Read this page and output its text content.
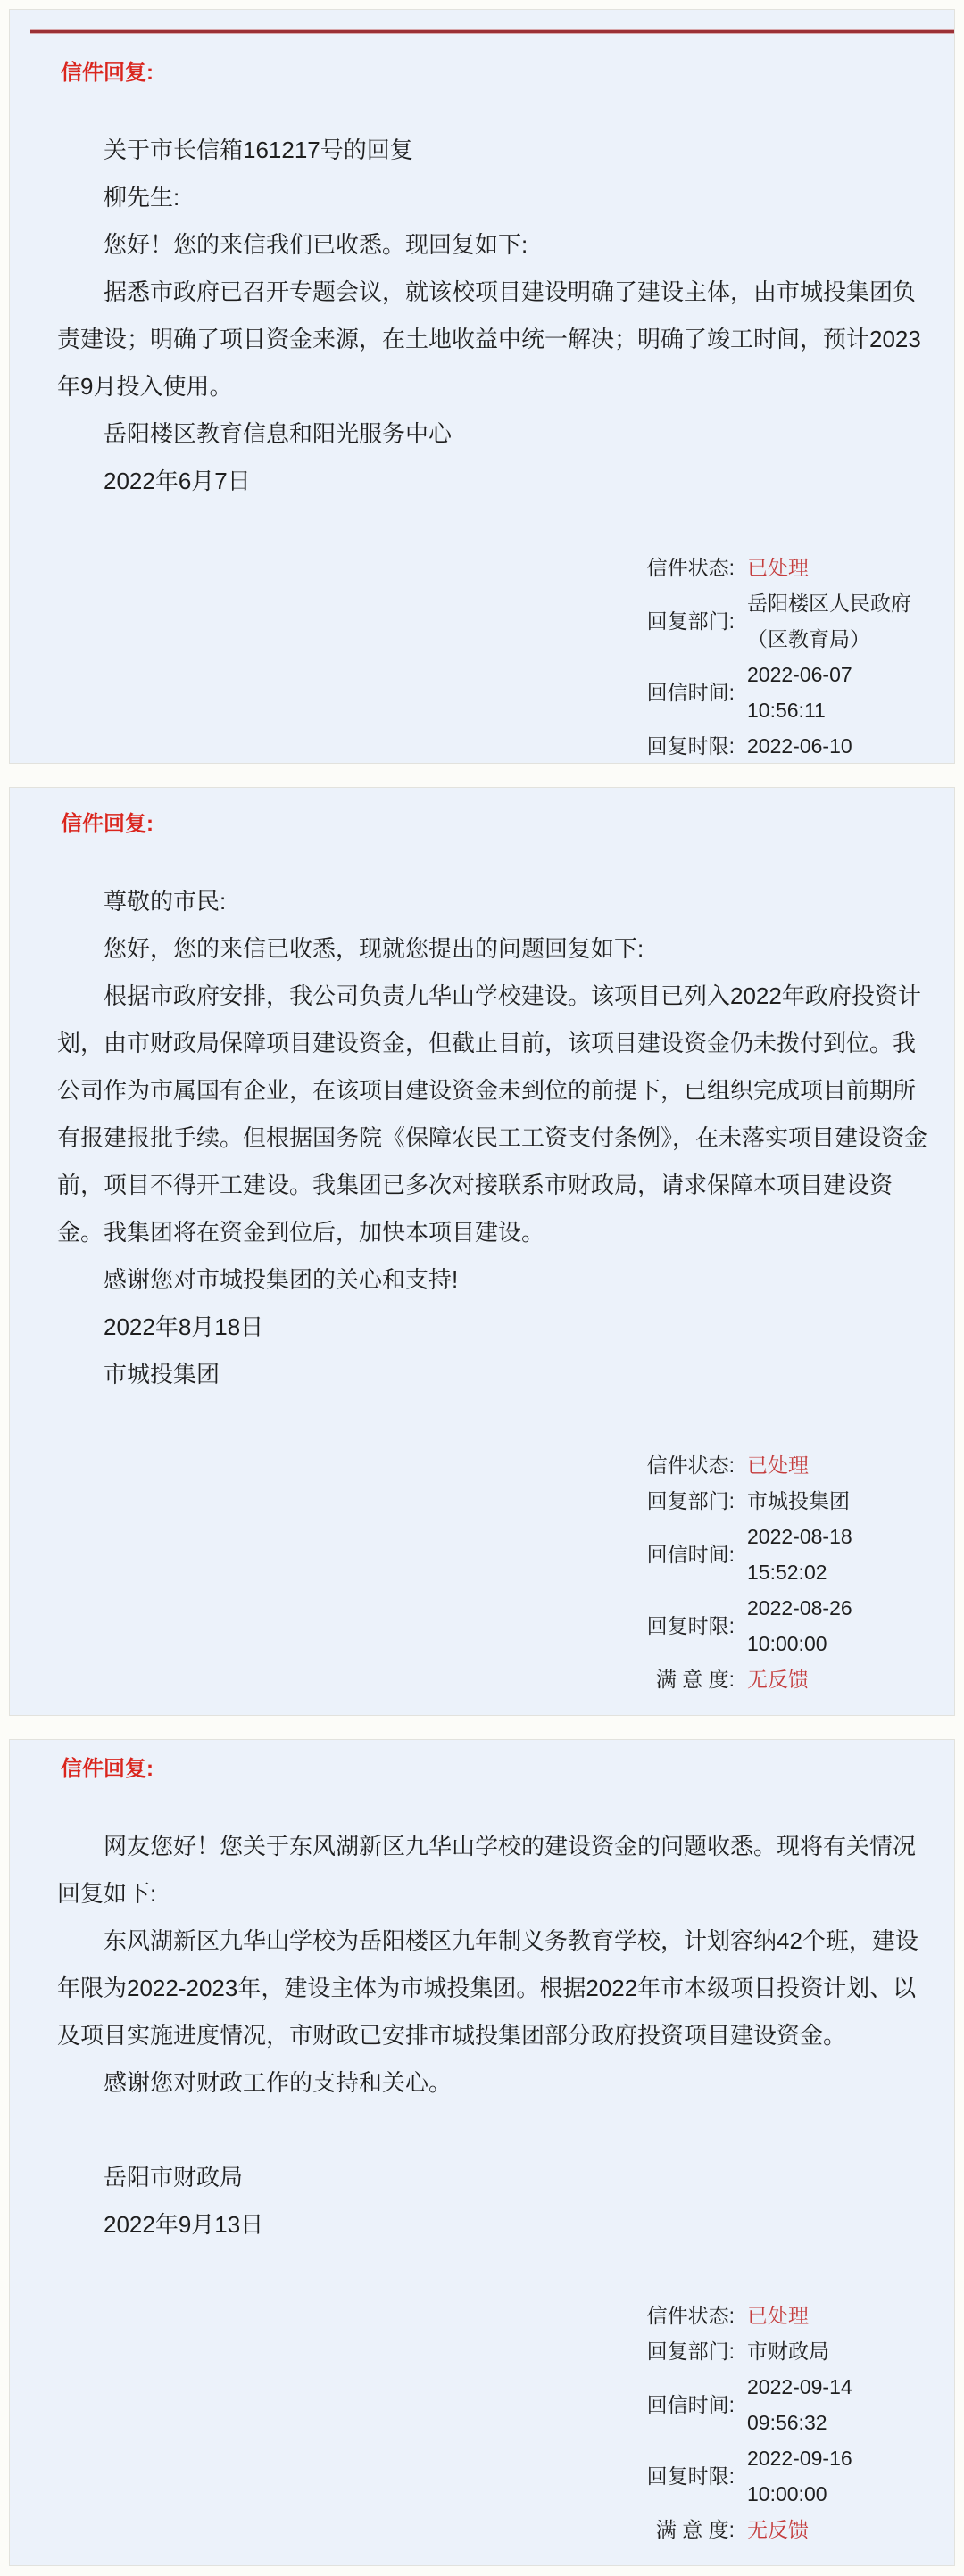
信件回复:

关于市长信箱161217号的回复

柳先生:

您好！您的来信我们已收悉。现回复如下:

据悉市政府已召开专题会议，就该校项目建设明确了建设主体，由市城投集团负责建设；明确了项目资金来源，在土地收益中统一解决；明确了竣工时间，预计2023年9月投入使用。

岳阳楼区教育信息和阳光服务中心

2022年6月7日

信件状态: 已处理
回复部门:
岳阳楼区人民政府（区教育局）
回信时间:
2022-06-07 10:56:11
回复时限: 2022-06-10
信件回复:

尊敬的市民:

您好，您的来信已收悉，现就您提出的问题回复如下:

根据市政府安排，我公司负责九华山学校建设。该项目已列入2022年政府投资计划，由市财政局保障项目建设资金，但截止目前，该项目建设资金仍未拨付到位。我公司作为市属国有企业，在该项目建设资金未到位的前提下，已组织完成项目前期所有报建报批手续。但根据国务院《保障农民工工资支付条例》，在未落实项目建设资金前，项目不得开工建设。我集团已多次对接联系市财政局，请求保障本项目建设资金。我集团将在资金到位后，加快本项目建设。

感谢您对市城投集团的关心和支持!

2022年8月18日

市城投集团

信件状态: 已处理
回复部门: 市城投集团
回信时间:
2022-08-18 15:52:02
回复时限:
2022-08-26 10:00:00
满 意 度: 无反馈
信件回复:

网友您好！您关于东风湖新区九华山学校的建设资金的问题收悉。现将有关情况回复如下:

东风湖新区九华山学校为岳阳楼区九年制义务教育学校，计划容纳42个班，建设年限为2022-2023年，建设主体为市城投集团。根据2022年市本级项目投资计划、以及项目实施进度情况，市财政已安排市城投集团部分政府投资项目建设资金。

感谢您对财政工作的支持和关心。

岳阳市财政局

2022年9月13日

信件状态: 已处理
回复部门: 市财政局
回信时间:
2022-09-14 09:56:32
回复时限:
2022-09-16 10:00:00
满 意 度: 无反馈
